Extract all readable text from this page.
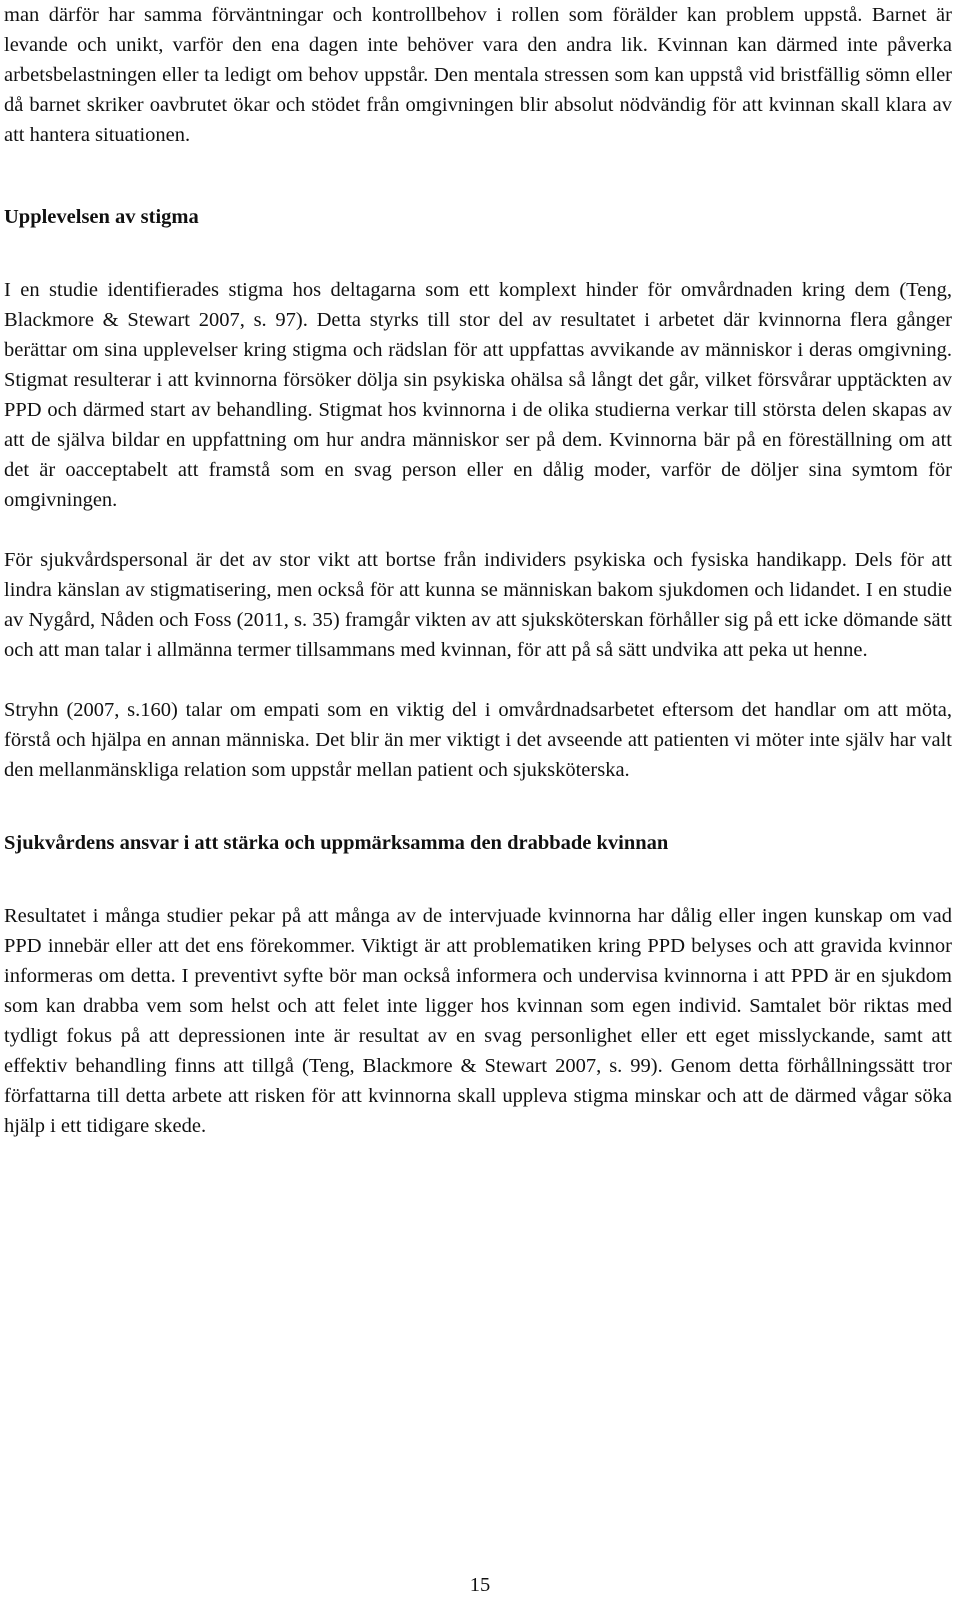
man därför har samma förväntningar och kontrollbehov i rollen som förälder kan problem uppstå. Barnet är levande och unikt, varför den ena dagen inte behöver vara den andra lik. Kvinnan kan därmed inte påverka arbetsbelastningen eller ta ledigt om behov uppstår. Den mentala stressen som kan uppstå vid bristfällig sömn eller då barnet skriker oavbrutet ökar och stödet från omgivningen blir absolut nödvändig för att kvinnan skall klara av att hantera situationen.

Upplevelsen av stigma

I en studie identifierades stigma hos deltagarna som ett komplext hinder för omvårdnaden kring dem (Teng, Blackmore & Stewart 2007, s. 97). Detta styrks till stor del av resultatet i arbetet där kvinnorna flera gånger berättar om sina upplevelser kring stigma och rädslan för att uppfattas avvikande av människor i deras omgivning. Stigmat resulterar i att kvinnorna försöker dölja sin psykiska ohälsa så långt det går, vilket försvårar upptäckten av PPD och därmed start av behandling. Stigmat hos kvinnorna i de olika studierna verkar till största delen skapas av att de själva bildar en uppfattning om hur andra människor ser på dem. Kvinnorna bär på en föreställning om att det är oacceptabelt att framstå som en svag person eller en dålig moder, varför de döljer sina symtom för omgivningen.

För sjukvårdspersonal är det av stor vikt att bortse från individers psykiska och fysiska handikapp. Dels för att lindra känslan av stigmatisering, men också för att kunna se människan bakom sjukdomen och lidandet. I en studie av Nygård, Nåden och Foss (2011, s. 35) framgår vikten av att sjuksköterskan förhåller sig på ett icke dömande sätt och att man talar i allmänna termer tillsammans med kvinnan, för att på så sätt undvika att peka ut henne.

Stryhn (2007, s.160) talar om empati som en viktig del i omvårdnadsarbetet eftersom det handlar om att möta, förstå och hjälpa en annan människa. Det blir än mer viktigt i det avseende att patienten vi möter inte själv har valt den mellanmänskliga relation som uppstår mellan patient och sjuksköterska.

Sjukvårdens ansvar i att stärka och uppmärksamma den drabbade kvinnan

Resultatet i många studier pekar på att många av de intervjuade kvinnorna har dålig eller ingen kunskap om vad PPD innebär eller att det ens förekommer. Viktigt är att problematiken kring PPD belyses och att gravida kvinnor informeras om detta. I preventivt syfte bör man också informera och undervisa kvinnorna i att PPD är en sjukdom som kan drabba vem som helst och att felet inte ligger hos kvinnan som egen individ. Samtalet bör riktas med tydligt fokus på att depressionen inte är resultat av en svag personlighet eller ett eget misslyckande, samt att effektiv behandling finns att tillgå (Teng, Blackmore & Stewart 2007, s. 99). Genom detta förhållningssätt tror författarna till detta arbete att risken för att kvinnorna skall uppleva stigma minskar och att de därmed vågar söka hjälp i ett tidigare skede.

15
